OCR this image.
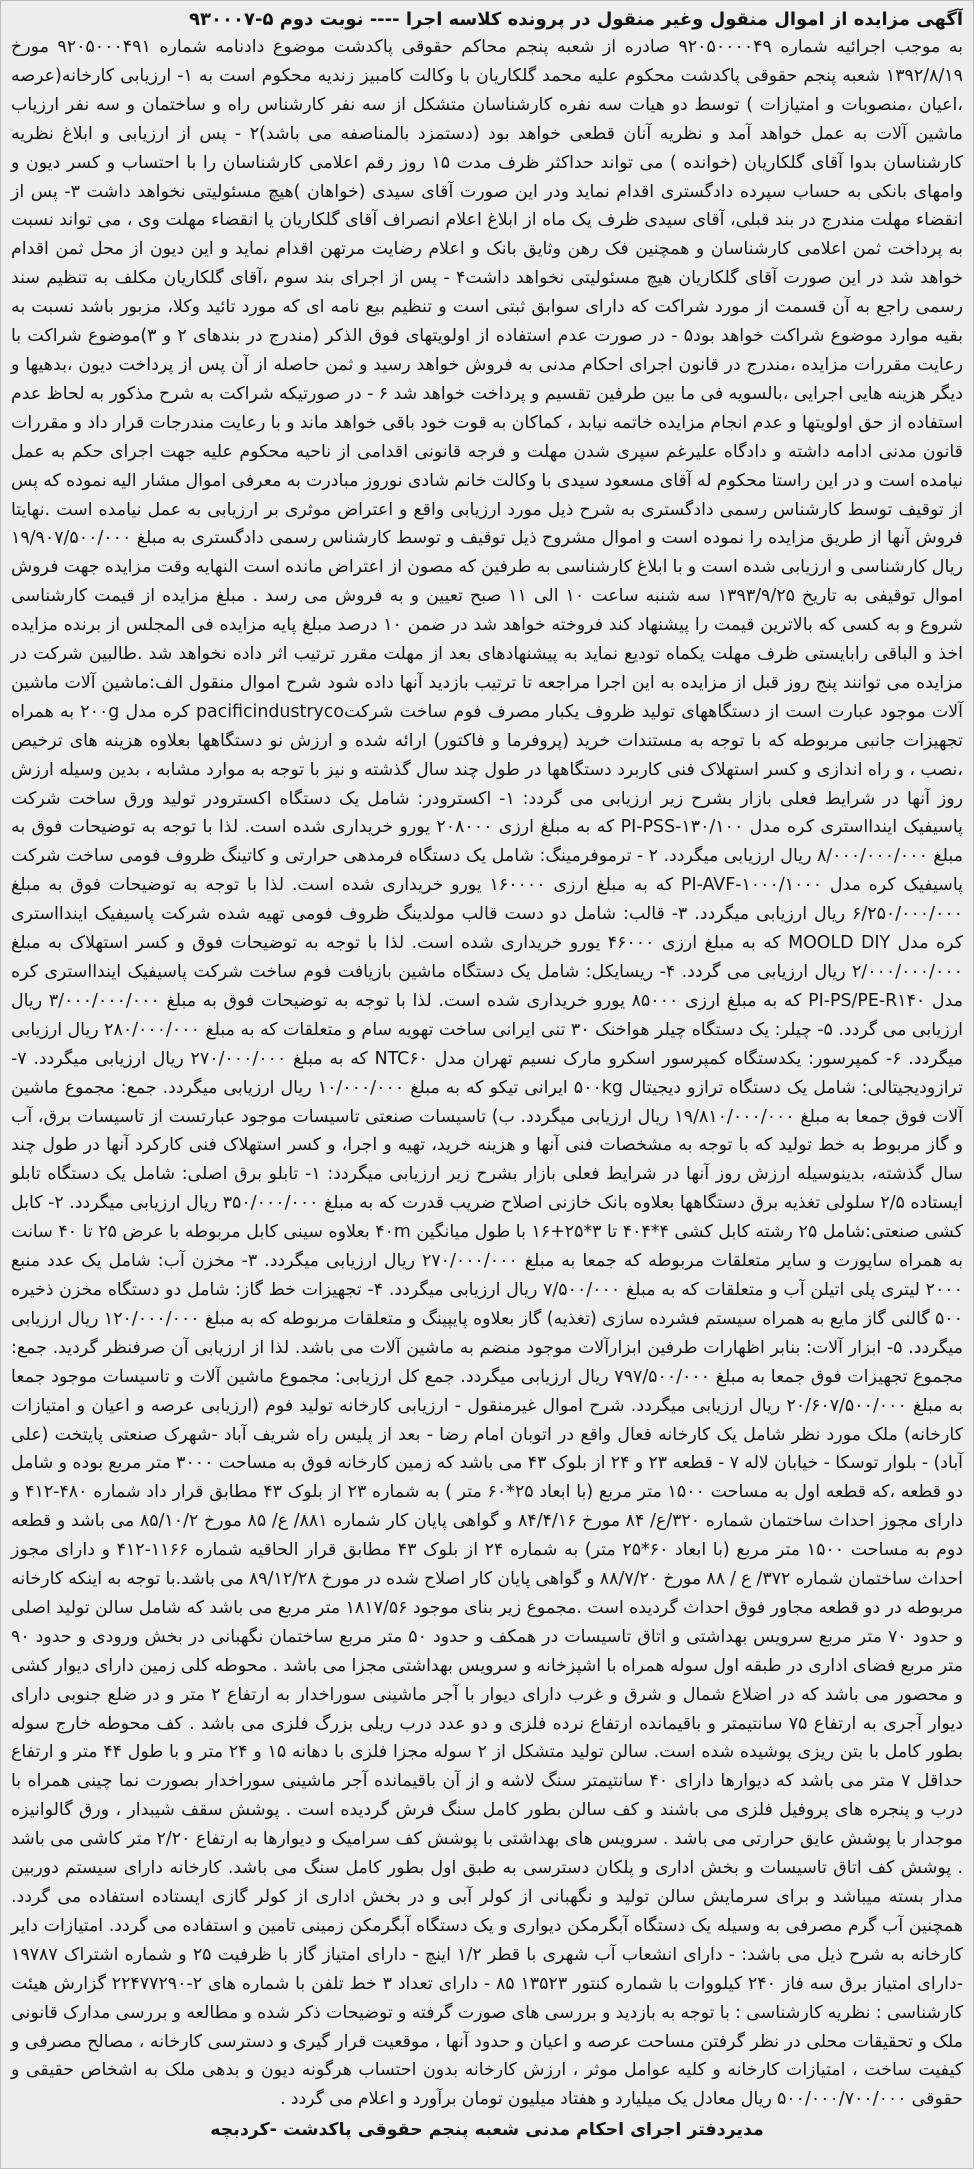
آگهی مزایده از اموال منقول وغیر منقول در پرونده کلاسه اجرا ---- نوبت دوم ۵-۹۳۰۰۰۷

به موجب اجرائیه شماره ۹۲۰۵۰۰۰۰۴۹ صادره از شعبه پنجم محاکم حقوقی پاکدشت موضوع دادنامه شماره ۹۲۰۵۰۰۰۴۹۱ مورخ ۱۳۹۲/۸/۱۹ شعبه پنجم حقوقی پاکدشت محکوم علیه محمد گلکاریان با وکالت کامبیز زندیه محکوم است به ۱- ارزیابی کارخانه(عرصه ،اعیان ،منصوبات و امتیازات ) توسط دو هیات سه نفره کارشناسان متشکل از سه نفر کارشناس راه و ساختمان و سه نفر ارزیاب ماشین آلات به عمل خواهد آمد و نظریه آنان قطعی خواهد بود (دستمزد بالمناصفه می باشد)۲ - پس از ارزیابی و ابلاغ نظریه کارشناسان بدوا آقای گلکاریان (خوانده ) می تواند حداکثر ظرف مدت ۱۵ روز رقم اعلامی کارشناسان را با احتساب و کسر دیون و وامهای بانکی به حساب سپرده دادگستری اقدام نماید ودر این صورت آقای سیدی (خواهان )هیچ مسئولیتی نخواهد داشت ۳- پس از انقضاء مهلت مندرج در بند قبلی، آقای سیدی ظرف یک ماه از ابلاغ اعلام انصراف آقای گلکاریان یا انقضاء مهلت وی ، می تواند نسبت به پرداخت ثمن اعلامی کارشناسان و همچنین فک رهن وثایق بانک و اعلام رضایت مرتهن اقدام نماید و این دیون از محل ثمن اقدام خواهد شد در این صورت آقای گلکاریان هیچ مسئولیتی نخواهد داشت۴ - پس از اجرای بند سوم ،آقای گلکاریان مکلف به تنظیم سند رسمی راجع به آن قسمت از مورد شراکت که دارای سوابق ثبتی است و تنظیم بیع نامه ای که مورد تائید وکلا، مزبور باشد نسبت به بقیه موارد موضوع شراکت خواهد بود۵ - در صورت عدم استفاده از اولویتهای فوق الذکر (مندرج در بندهای ۲ و ۳)موضوع شراکت با رعایت مقررات مزایده ،مندرج در قانون اجرای احکام مدنی به فروش خواهد رسید و ثمن حاصله از آن پس از پرداخت دیون ،بدهیها و دیگر هزینه هایی اجرایی ،بالسویه فی ما بین طرفین تقسیم و پرداخت خواهد شد ۶ - در صورتیکه شراکت به شرح مذکور به لحاظ عدم استفاده از حق اولویتها و عدم انجام مزایده خاتمه نیابد ، کماکان به قوت خود باقی خواهد ماند و با رعایت مندرجات قرار داد و مقررات قانون مدنی ادامه داشته و دادگاه علیرغم سپری شدن مهلت و فرجه قانونی اقدامی از ناحیه محکوم علیه جهت اجرای حکم به عمل نیامده است و در این راستا محکوم له آقای مسعود سیدی با وکالت خانم شادی نوروز مبادرت به معرفی اموال مشار الیه نموده که پس از توقیف توسط کارشناس رسمی دادگستری به شرح ذیل مورد ارزیابی واقع و اعتراض موثری بر ارزیابی به عمل نیامده است .نهایتا فروش آنها از طریق مزایده را نموده است و اموال مشروح ذیل توقیف و توسط کارشناس رسمی دادگستری به مبلغ ۱۹/۹۰۷/۵۰۰/۰۰۰ ریال کارشناسی و ارزیابی شده است و با ابلاغ کارشناسی به طرفین که مصون از اعتراض مانده است النهایه وقت مزایده جهت فروش اموال توقیفی به تاریخ ۱۳۹۳/۹/۲۵ سه شنبه ساعت ۱۰ الی ۱۱ صبح تعیین و به فروش می رسد . مبلغ مزایده از قیمت کارشناسی شروع و به کسی که بالاترین قیمت را پیشنهاد کند فروخته خواهد شد در ضمن ۱۰ درصد مبلغ پایه مزایده فی المجلس از برنده مزایده اخذ و الباقی رابایستی ظرف مهلت یکماه تودیع نماید به پیشنهادهای بعد از مهلت مقرر ترتیب اثر داده نخواهد شد .طالبین شرکت در مزایده می توانند پنج روز قبل از مزایده به این اجرا مراجعه تا ترتیب بازدید آنها داده شود شرح اموال منقول الف:ماشین آلات ماشین آلات موجود عبارت است از دستگاههای تولید ظروف یکبار مصرف فوم ساخت شرکتpacificindustryco کره مدل ۲۰۰g به همراه تجهیزات جانبی مربوطه که با توجه به مستندات خرید (پروفرما و فاکتور) ارائه شده و ارزش نو دستگاهها بعلاوه هزینه های ترخیص ،نصب ، و راه اندازی و کسر استهلاک فنی کاربرد دستگاهها در طول چند سال گذشته و نیز با توجه به موارد مشابه ، بدین وسیله ارزش روز آنها در شرایط فعلی بازار بشرح زیر ارزیابی می گردد: ۱- اکسترودر: شامل یک دستگاه اکسترودر تولید ورق ساخت شرکت پاسیفیک ایندااستری کره مدل PI-PSS-۱۳۰/۱۰۰ که به مبلغ ارزی ۲۰۸۰۰۰ یورو خریداری شده است. لذا با توجه به توضیحات فوق به مبلغ ۸/۰۰۰/۰۰۰/۰۰۰ ریال ارزیابی میگردد. ۲ - ترموفرمینگ: شامل یک دستگاه فرمدهی حرارتی و کاتینگ ظروف فومی ساخت شرکت پاسیفیک کره مدل PI-AVF-۱۰۰۰/۱۰۰۰ که به مبلغ ارزی ۱۶۰۰۰۰ یورو خریداری شده است. لذا با توجه به توضیحات فوق به مبلغ ۶/۲۵۰/۰۰۰/۰۰۰ ریال ارزیابی میگردد. ۳- قالب: شامل دو دست قالب مولدینگ ظروف فومی تهیه شده شرکت پاسیفیک ایندااستری کره مدل MOOLD DIY که به مبلغ ارزی ۴۶۰۰۰ یورو خریداری شده است. لذا با توجه به توضیحات فوق و کسر استهلاک به مبلغ ۲/۰۰۰/۰۰۰/۰۰۰ ریال ارزیابی می گردد. ۴- ریسایکل: شامل یک دستگاه ماشین بازیافت فوم ساخت شرکت پاسیفیک ایندااستری کره مدل PI-PS/PE-R۱۴۰ که به مبلغ ارزی ۸۵۰۰۰ یورو خریداری شده است. لذا با توجه به توضیحات فوق به مبلغ ۳/۰۰۰/۰۰۰/۰۰۰ ریال ارزیابی می گردد. ۵- چیلر: یک دستگاه چیلر هواخنک ۳۰ تنی ایرانی ساخت تهویه سام و متعلقات که به مبلغ ۲۸۰/۰۰۰/۰۰۰ ریال ارزیابی میگردد. ۶- کمپرسور: یکدستگاه کمپرسور اسکرو مارک نسیم تهران مدل NTC۶۰ که به مبلغ ۲۷۰/۰۰۰/۰۰۰ ریال ارزیابی میگردد. ۷- ترازودیجیتالی: شامل یک دستگاه ترازو دیجیتال ۵۰۰kg ایرانی تیکو که به مبلغ ۱۰/۰۰۰/۰۰۰ ریال ارزیابی میگردد. جمع: مجموع ماشین آلات فوق جمعا به مبلغ ۱۹/۸۱۰/۰۰۰/۰۰۰ ریال ارزیابی میگردد. ب) تاسیسات صنعتی تاسیسات موجود عبارتست از تاسیسات برق، آب و گاز مربوط به خط تولید که با توجه به مشخصات فنی آنها و هزینه خرید، تهیه و اجرا، و کسر استهلاک فنی کارکرد آنها در طول چند سال گذشته، بدینوسیله ارزش روز آنها در شرایط فعلی بازار بشرح زیر ارزیابی میگردد: ۱- تابلو برق اصلی: شامل یک دستگاه تابلو ایستاده ۲/۵ سلولی تغذیه برق دستگاهها بعلاوه بانک خازنی اصلاح ضریب قدرت که به مبلغ ۳۵۰/۰۰۰/۰۰۰ ریال ارزیابی میگردد. ۲- کابل کشی صنعتی:شامل ۲۵ رشته کابل کشی ۴*۴۰۴ تا ۳*۲۵+۱۶ با طول میانگین ۴۰m بعلاوه سینی کابل مربوطه با عرض ۲۵ تا ۴۰ سانت به همراه ساپورت و سایر متعلقات مربوطه که جمعا به مبلغ ۲۷۰/۰۰۰/۰۰۰ ریال ارزیابی میگردد. ۳- مخزن آب: شامل یک عدد منبع ۲۰۰۰ لیتری پلی اتیلن آب و متعلقات که به مبلغ ۷/۵۰۰/۰۰۰ ریال ارزیابی میگردد. ۴- تجهیزات خط گاز: شامل دو دستگاه مخزن ذخیره ۵۰۰ گالنی گاز مایع به همراه سیستم فشرده سازی (تغذیه) گاز بعلاوه پایپینگ و متعلقات مربوطه که به مبلغ ۱۲۰/۰۰۰/۰۰۰ ریال ارزیابی میگردد. ۵- ابزار آلات: بنابر اظهارات طرفین ابزارآلات موجود منضم به ماشین آلات می باشد. لذا از ارزیابی آن صرفنظر گردید. جمع: مجموع تجهیزات فوق جمعا به مبلغ ۷۹۷/۵۰۰/۰۰۰ ریال ارزیابی میگردد. جمع کل ارزیابی: مجموع ماشین آلات و تاسیسات موجود جمعا به مبلغ ۲۰/۶۰۷/۵۰۰/۰۰۰ ریال ارزیابی میگردد. شرح اموال غیرمنقول - ارزیابی کارخانه تولید فوم (ارزیابی عرصه و اعیان و امتیازات کارخانه) ملک مورد نظر شامل یک کارخانه فعال واقع در اتوبان امام رضا - بعد از پلیس راه شریف آباد -شهرک صنعتی پایتخت (علی آباد) - بلوار توسکا - خیابان لاله ۷ - قطعه ۲۳ و ۲۴ از بلوک ۴۳ می باشد که زمین کارخانه فوق به مساحت ۳۰۰۰ متر مربع بوده و شامل دو قطعه ،که قطعه اول به مساحت ۱۵۰۰ متر مربع (با ابعاد ۲۵*۶۰ متر ) به شماره ۲۳ از بلوک ۴۳ مطابق قرار داد شماره ۴۸۰-۴۱۲ و دارای مجوز احداث ساختمان شماره ۳۲۰/ع/ ۸۴ مورخ ۸۴/۴/۱۶ و گواهی پایان کار شماره ۸۸۱/ ع/ ۸۵ مورخ ۸۵/۱۰/۲ می باشد و قطعه دوم به مساحت ۱۵۰۰ متر مربع (با ابعاد ۶۰*۲۵ متر) به شماره ۲۴ از بلوک ۴۳ مطابق قرار الحاقیه شماره ۱۱۶۶-۴۱۲ و دارای مجوز احداث ساختمان شماره ۳۷۲/ ع / ۸۸ مورخ ۸۸/۷/۲۰ و گواهی پایان کار اصلاح شده در مورخ ۸۹/۱۲/۲۸ می باشد.با توجه به اینکه کارخانه مربوطه در دو قطعه مجاور فوق احداث گردیده است .مجموع زیر بنای موجود ۱۸۱۷/۵۶ متر مربع می باشد که شامل سالن تولید اصلی و حدود ۷۰ متر مربع سرویس بهداشتی و اتاق تاسیسات در همکف و حدود ۵۰ متر مربع ساختمان نگهبانی در بخش ورودی و حدود ۹۰ متر مربع فضای اداری در طبقه اول سوله همراه با اشپزخانه و سرویس بهداشتی مجزا می باشد . محوطه کلی زمین دارای دیوار کشی و محصور می باشد که در اضلاع شمال و شرق و غرب دارای دیوار با آجر ماشینی سوراخدار به ارتفاع ۲ متر و در ضلع جنوبی دارای دیوار آجری به ارتفاع ۷۵ سانتیمتر و باقیمانده ارتفاع نرده فلزی و دو عدد درب ریلی بزرگ فلزی می باشد . کف محوطه خارج سوله بطور کامل با بتن ریزی پوشیده شده است. سالن تولید متشکل از ۲ سوله مجزا فلزی با دهانه ۱۵ و ۲۴ متر و با طول ۴۴ متر و ارتفاع حداقل ۷ متر می باشد که دیوارها دارای ۴۰ سانتیمتر سنگ لاشه و از آن باقیمانده آجر ماشینی سوراخدار بصورت نما چینی همراه با درب و پنجره های پروفیل فلزی می باشند و کف سالن بطور کامل سنگ فرش گردیده است . پوشش سقف شیبدار ، ورق گالوانیزه موجدار با پوشش عایق حرارتی می باشد . سرویس های بهداشتی با پوشش کف سرامیک و دیوارها به ارتفاع ۲/۲۰ متر کاشی می باشد . پوشش کف اتاق تاسیسات و بخش اداری و پلکان دسترسی به طبق اول بطور کامل سنگ می باشد. کارخانه دارای سیستم دوربین مدار بسته میباشد و برای سرمایش سالن تولید و نگهبانی از کولر آبی و در بخش اداری از کولر گازی ایستاده استفاده می گردد. همچنین آب گرم مصرفی به وسیله یک دستگاه آبگرمکن دیواری و یک دستگاه آبگرمکن زمینی تامین و استفاده می گردد. امتیازات دایر کارخانه به شرح ذیل می باشد: - دارای انشعاب آب شهری با قطر ۱/۲ اینچ - دارای امتیاز گاز با ظرفیت ۲۵ و شماره اشتراک ۱۹۷۸۷ -دارای امتیاز برق سه فاز ۲۴۰ کیلووات با شماره کنتور ۱۳۵۲۳ ۸۵ - دارای تعداد ۳ خط تلفن با شماره های ۲-۲۲۴۷۷۲۹۰ گزارش هیئت کارشناسی : نظریه کارشناسی : با توجه به بازدید و بررسی های صورت گرفته و توضیحات ذکر شده و مطالعه و بررسی مدارک قانونی ملک و تحقیقات محلی در نظر گرفتن مساحت عرصه و اعیان و حدود آنها ، موقعیت قرار گیری و دسترسی کارخانه ، مصالح مصرفی و کیفیت ساخت ، امتیازات کارخانه و کلیه عوامل موثر ، ارزش کارخانه بدون احتساب هرگونه دیون و بدهی ملک به اشخاص حقیقی و حقوقی ۵۰۰/۰۰۰/۷۰۰/۰۰۰ ریال معادل یک میلیارد و هفتاد میلیون تومان برآورد و اعلام می گردد .

مدیردفتر اجرای احکام مدنی شعبه پنجم حقوقی پاکدشت -کردبچه
